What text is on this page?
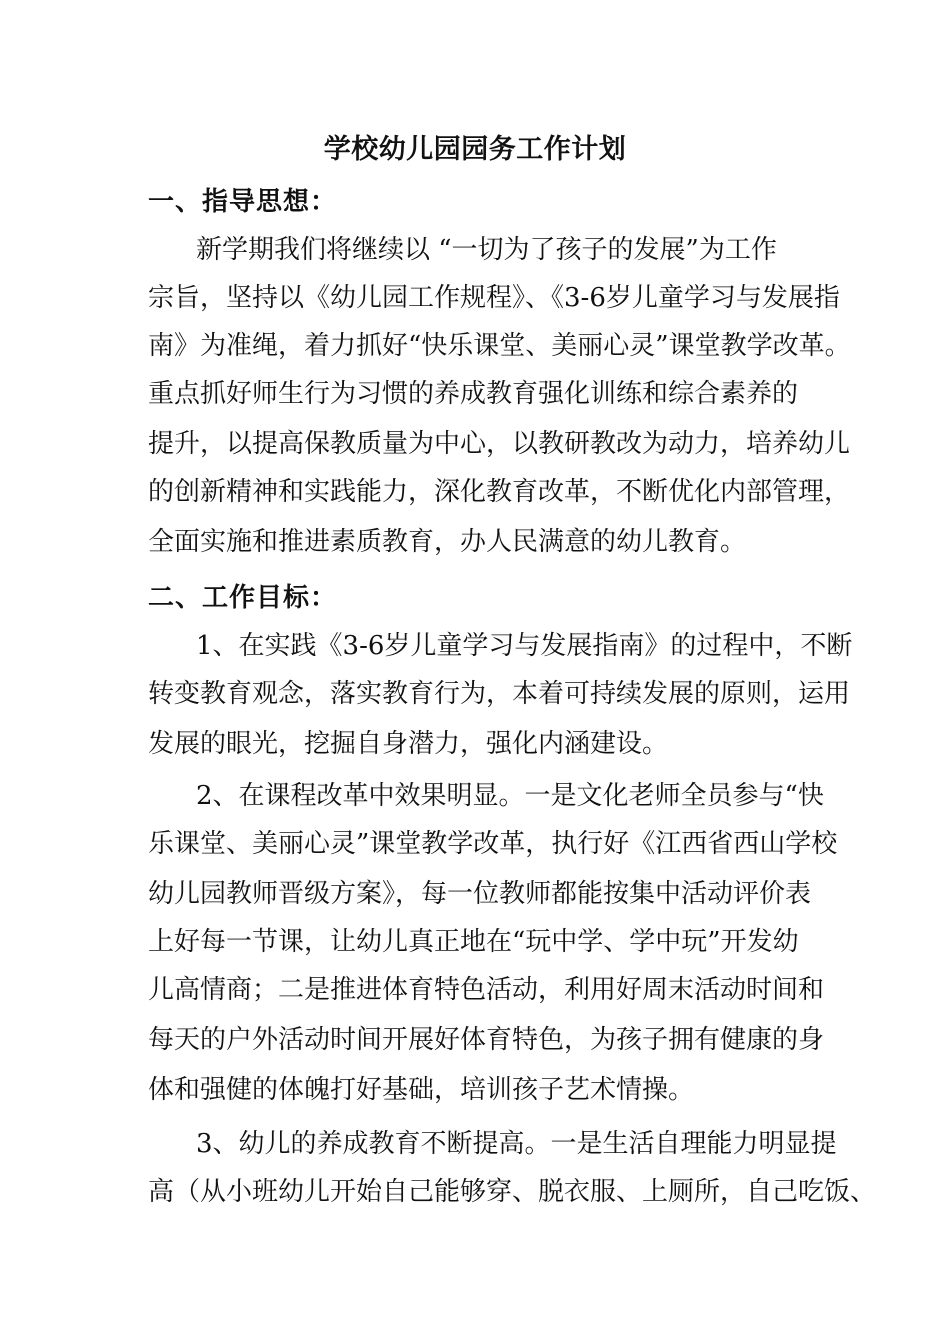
学校幼儿园园务工作计划
一、指导思想：
新学期我们将继续以 “一切为了孩子的发展”为工作
宗旨，坚持以《幼儿园工作规程》、《3-6岁儿童学习与发展指
南》为准绳，着力抓好“快乐课堂、美丽心灵”课堂教学改革。
重点抓好师生行为习惯的养成教育强化训练和综合素养的
提升，以提高保教质量为中心，以教研教改为动力，培养幼儿
的创新精神和实践能力，深化教育改革，不断优化内部管理，
全面实施和推进素质教育，办人民满意的幼儿教育。
二、工作目标：
1、在实践《3-6岁儿童学习与发展指南》的过程中，不断
转变教育观念，落实教育行为，本着可持续发展的原则，运用
发展的眼光，挖掘自身潜力，强化内涵建设。
2、在课程改革中效果明显。一是文化老师全员参与“快
乐课堂、美丽心灵”课堂教学改革，执行好《江西省西山学校
幼儿园教师晋级方案》，每一位教师都能按集中活动评价表
上好每一节课，让幼儿真正地在“玩中学、学中玩”开发幼
儿高情商；二是推进体育特色活动，利用好周末活动时间和
每天的户外活动时间开展好体育特色，为孩子拥有健康的身
体和强健的体魄打好基础，培训孩子艺术情操。
3、幼儿的养成教育不断提高。一是生活自理能力明显提
高（从小班幼儿开始自己能够穿、脱衣服、上厕所，自己吃饭、
